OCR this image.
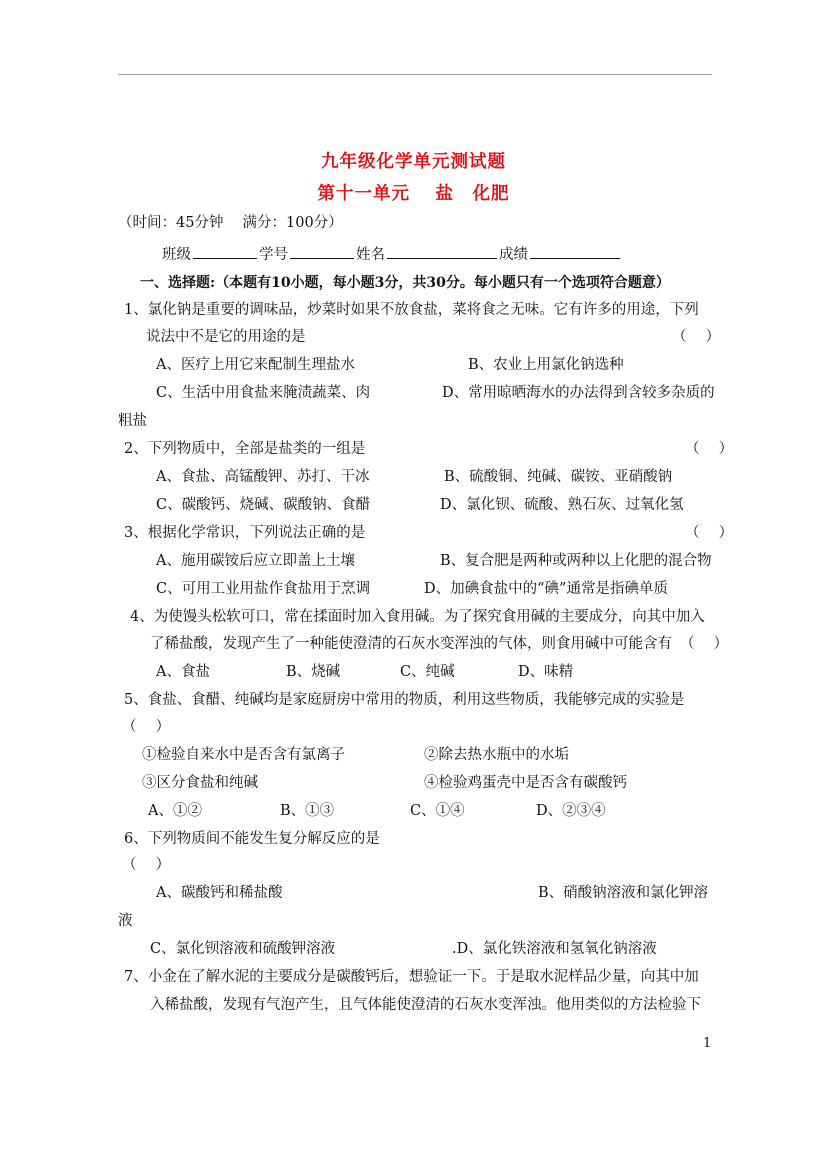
九年级化学单元测试题
第十一单元　 盐　化肥
（时间：45分钟　 满分：100分）
班级	学号	姓名	成绩
一、选择题:（本题有10小题，每小题3分，共30分。每小题只有一个选项符合题意）
1、氯化钠是重要的调味品，炒菜时如果不放食盐，菜将食之无味。它有许多的用途，下列
说法中不是它的用途的是	（　 ）
A、医疗上用它来配制生理盐水	B、农业上用氯化钠选种
C、生活中用食盐来腌渍蔬菜、肉	D、常用晾晒海水的办法得到含较多杂质的
粗盐
2、下列物质中，全部是盐类的一组是	（　 ）
A、食盐、高锰酸钾、苏打、干冰	B、硫酸铜、纯碱、碳铵、亚硝酸钠
C、碳酸钙、烧碱、碳酸钠、食醋	D、氯化钡、硫酸、熟石灰、过氧化氢
3、根据化学常识，下列说法正确的是	（　 ）
A、施用碳铵后应立即盖上土壤	B、复合肥是两种或两种以上化肥的混合物
C、可用工业用盐作食盐用于烹调	D、加碘食盐中的“碘”通常是指碘单质
4、为使馒头松软可口，常在揉面时加入食用碱。为了探究食用碱的主要成分，向其中加入
了稀盐酸，发现产生了一种能使澄清的石灰水变浑浊的气体，则食用碱中可能含有 （　 ）
A、食盐	B、烧碱	C、纯碱	D、味精
5、食盐、食醋、纯碱均是家庭厨房中常用的物质，利用这些物质，我能够完成的实验是
（　 ）
①检验自来水中是否含有氯离子	②除去热水瓶中的水垢
③区分食盐和纯碱	④检验鸡蛋壳中是否含有碳酸钙
A、①②	B、①③	C、①④	D、②③④
6、下列物质间不能发生复分解反应的是
（　 ）
A、碳酸钙和稀盐酸	B、硝酸钠溶液和氯化钾溶
液
C、氯化钡溶液和硫酸钾溶液	.D、氯化铁溶液和氢氧化钠溶液
7、小金在了解水泥的主要成分是碳酸钙后，想验证一下。于是取水泥样品少量，向其中加
入稀盐酸，发现有气泡产生，且气体能使澄清的石灰水变浑浊。他用类似的方法检验下
1
